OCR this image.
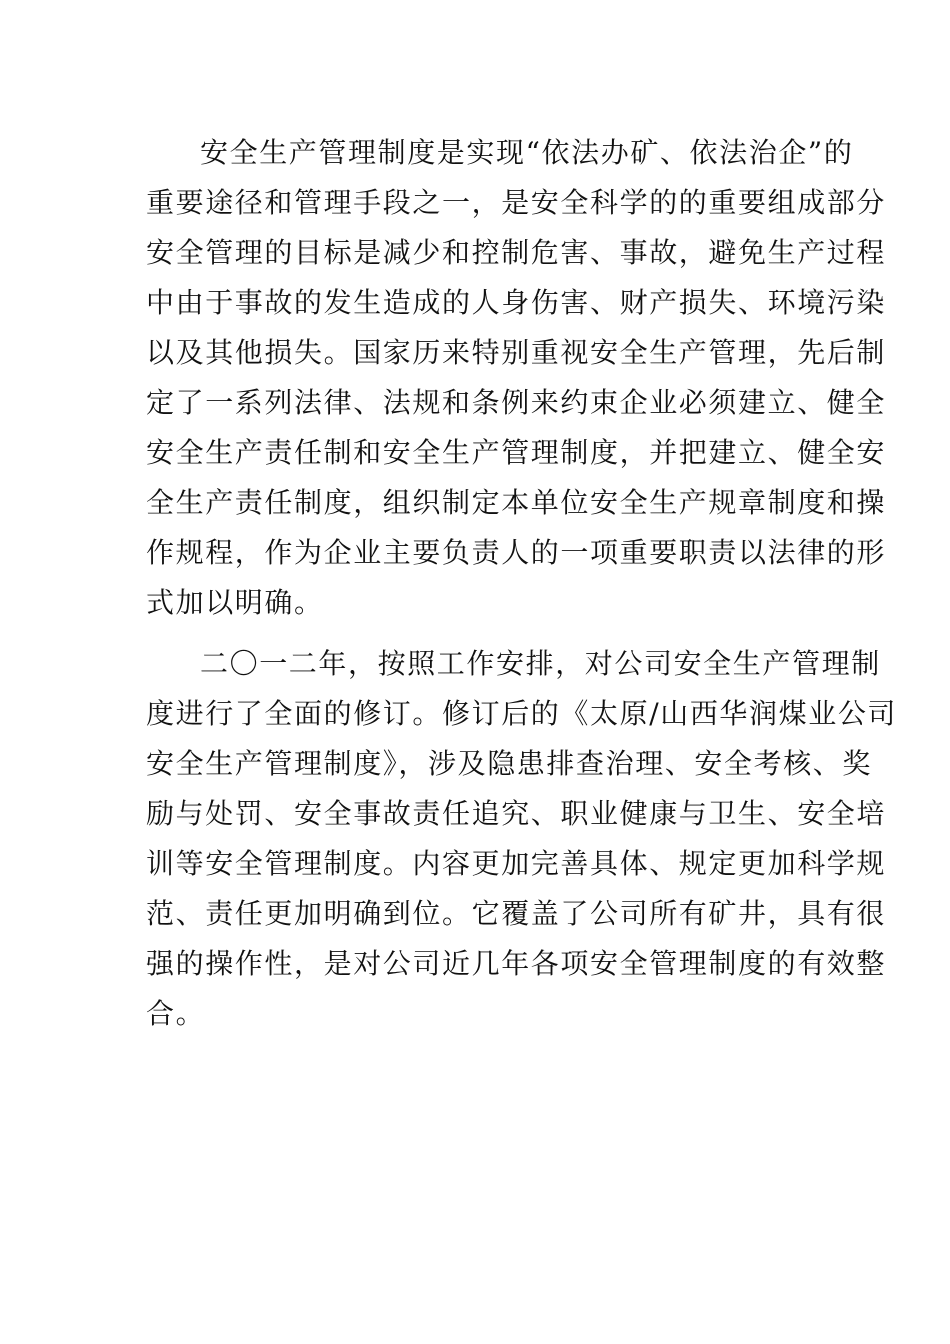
安全生产管理制度是实现“依法办矿、依法治企”的
重要途径和管理手段之一，是安全科学的的重要组成部分
安全管理的目标是减少和控制危害、事故，避免生产过程
中由于事故的发生造成的人身伤害、财产损失、环境污染
以及其他损失。国家历来特别重视安全生产管理，先后制
定了一系列法律、法规和条例来约束企业必须建立、健全
安全生产责任制和安全生产管理制度，并把建立、健全安
全生产责任制度，组织制定本单位安全生产规章制度和操
作规程，作为企业主要负责人的一项重要职责以法律的形
式加以明确。
二〇一二年，按照工作安排，对公司安全生产管理制
度进行了全面的修订。修订后的《太原/山西华润煤业公司
安全生产管理制度》，涉及隐患排查治理、安全考核、奖
励与处罚、安全事故责任追究、职业健康与卫生、安全培
训等安全管理制度。内容更加完善具体、规定更加科学规
范、责任更加明确到位。它覆盖了公司所有矿井，具有很
强的操作性，是对公司近几年各项安全管理制度的有效整
合。
